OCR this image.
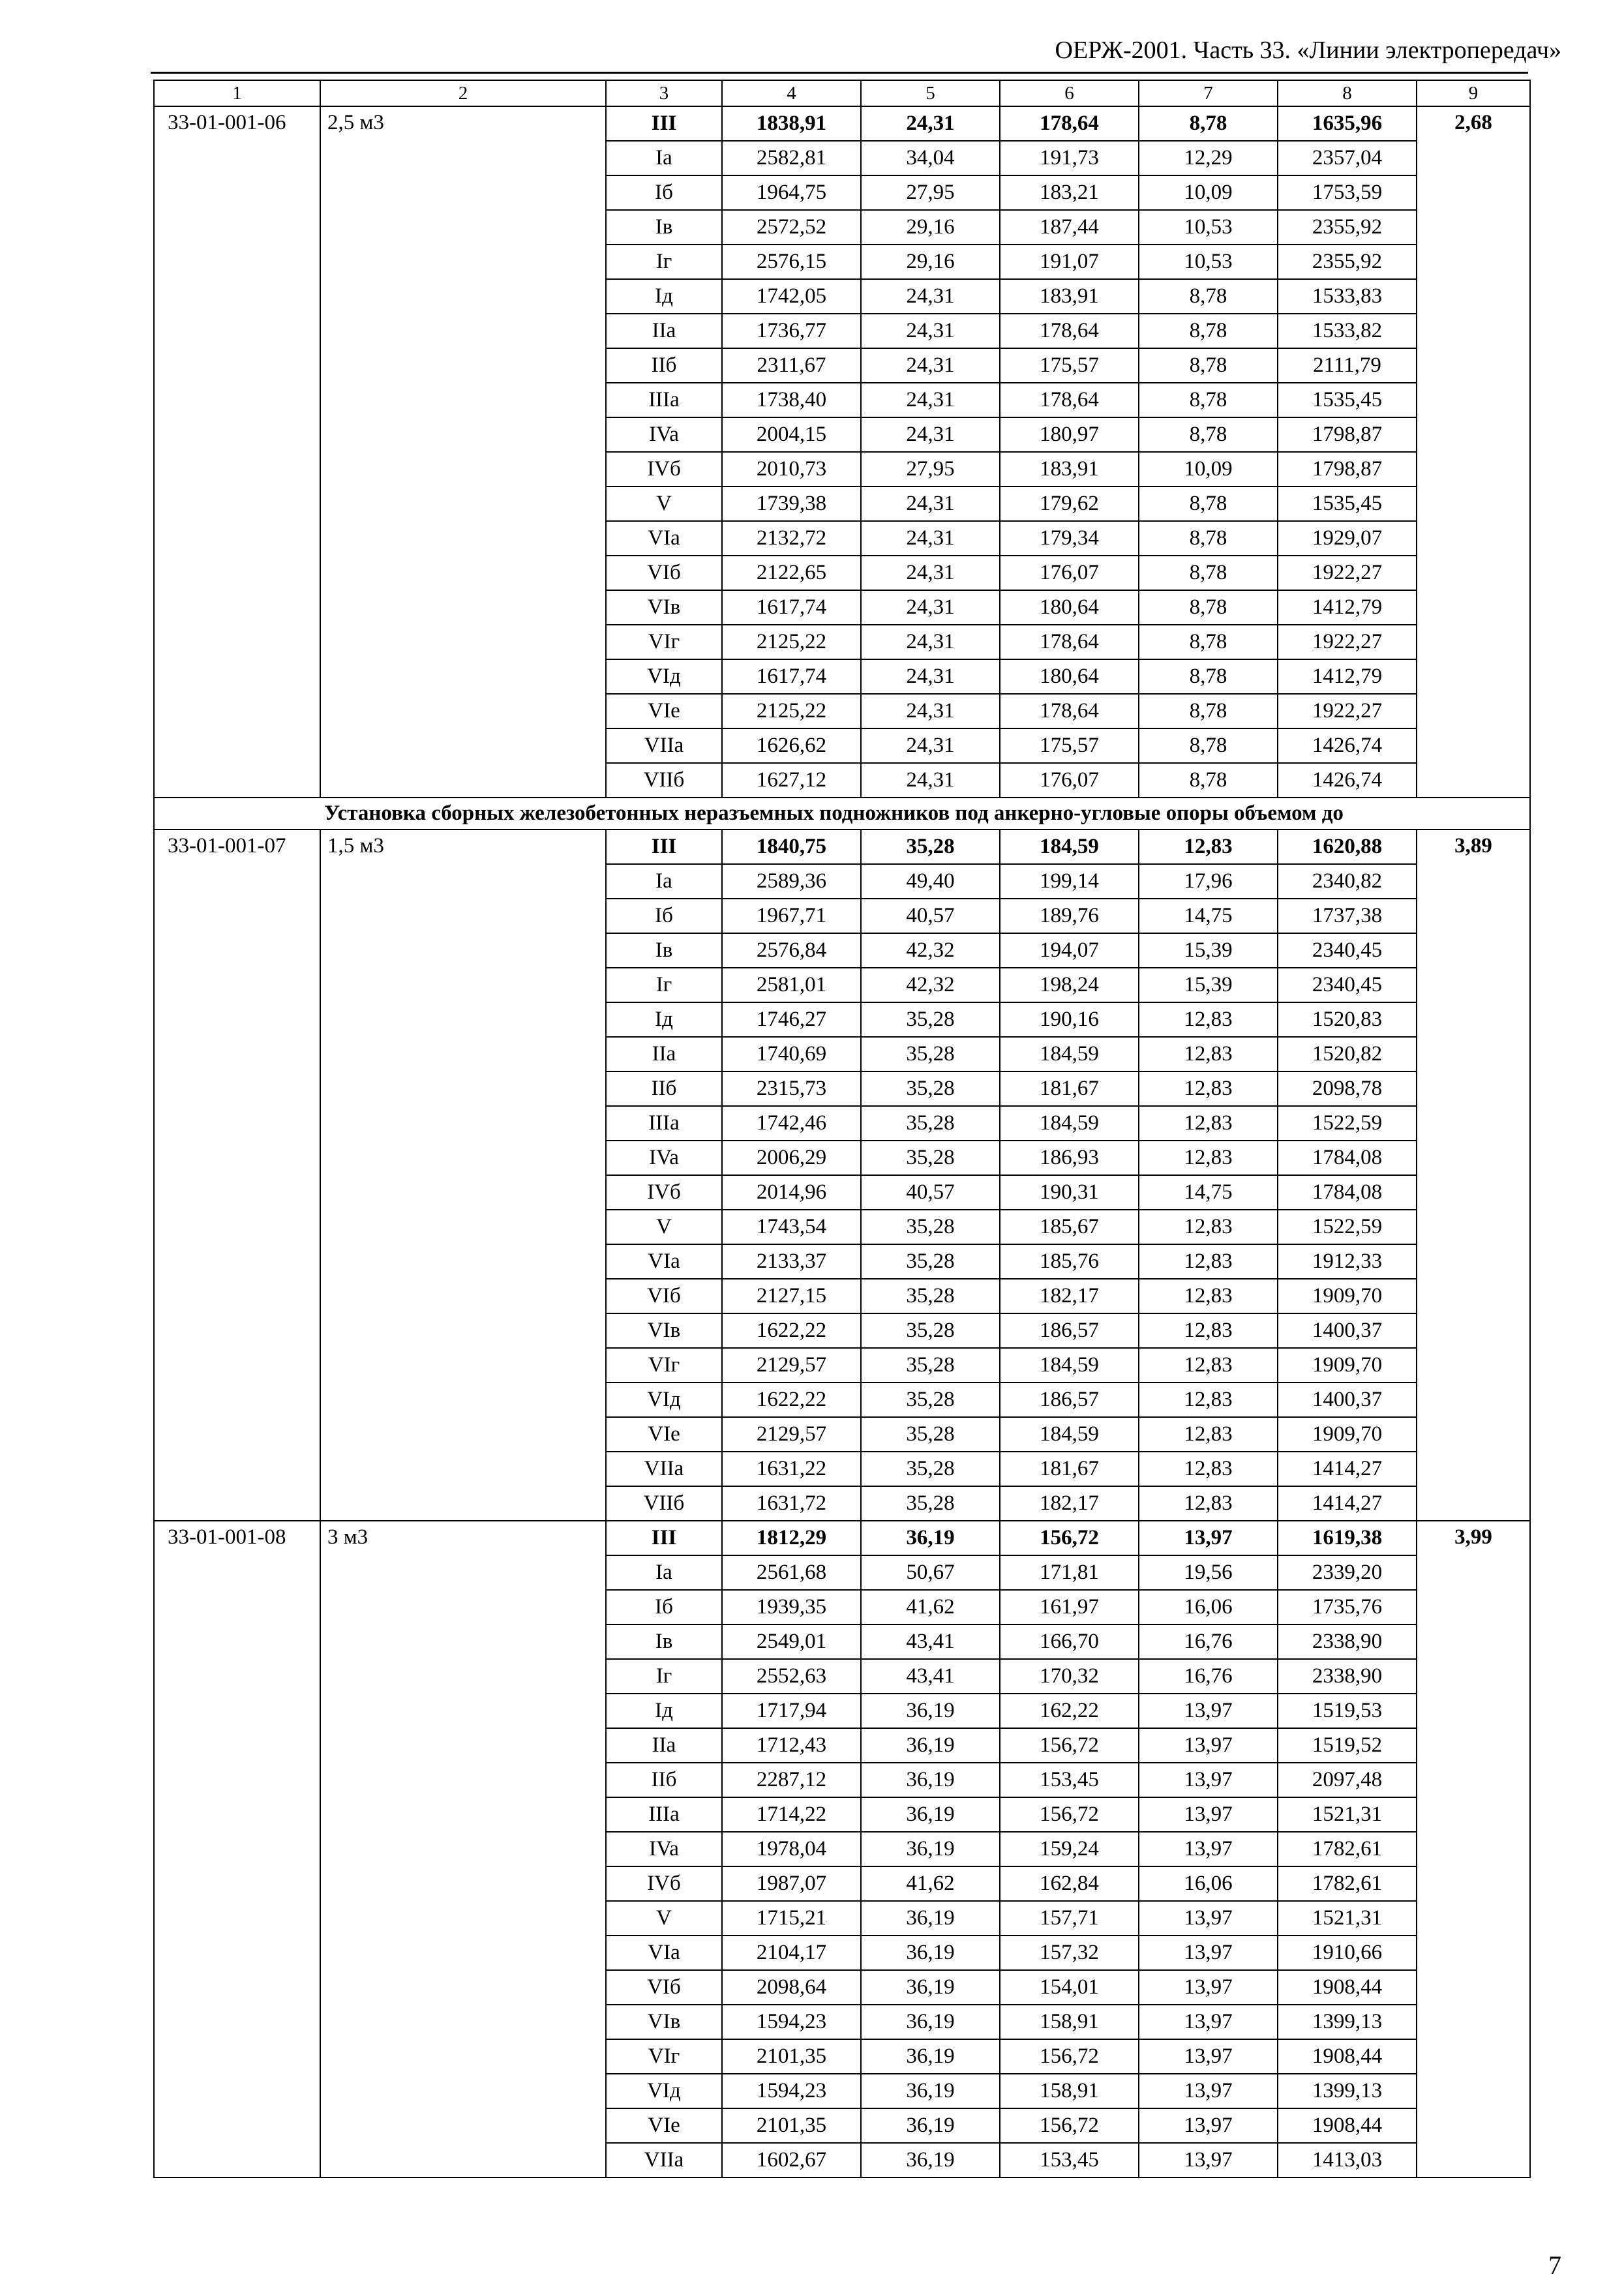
ОЕРЖ-2001. Часть 33. «Линии электропередач»
1	2	3	4	5	6	7	8	9
33-01-001-06	2,5 м3	III	1838,91	24,31	178,64	8,78	1635,96	2,68
		Ia	2582,81	34,04	191,73	12,29	2357,04	
		Iб	1964,75	27,95	183,21	10,09	1753,59	
		Iв	2572,52	29,16	187,44	10,53	2355,92	
		Iг	2576,15	29,16	191,07	10,53	2355,92	
		Iд	1742,05	24,31	183,91	8,78	1533,83	
		IIa	1736,77	24,31	178,64	8,78	1533,82	
		IIб	2311,67	24,31	175,57	8,78	2111,79	
		IIIa	1738,40	24,31	178,64	8,78	1535,45	
		IVa	2004,15	24,31	180,97	8,78	1798,87	
		IVб	2010,73	27,95	183,91	10,09	1798,87	
		V	1739,38	24,31	179,62	8,78	1535,45	
		VIa	2132,72	24,31	179,34	8,78	1929,07	
		VIб	2122,65	24,31	176,07	8,78	1922,27	
		VIв	1617,74	24,31	180,64	8,78	1412,79	
		VIг	2125,22	24,31	178,64	8,78	1922,27	
		VIд	1617,74	24,31	180,64	8,78	1412,79	
		VIe	2125,22	24,31	178,64	8,78	1922,27	
		VIIa	1626,62	24,31	175,57	8,78	1426,74	
		VIIб	1627,12	24,31	176,07	8,78	1426,74	
Установка сборных железобетонных неразъемных подножников под анкерно-угловые опоры объемом до								
33-01-001-07	1,5 м3	III	1840,75	35,28	184,59	12,83	1620,88	3,89
		Ia	2589,36	49,40	199,14	17,96	2340,82	
		Iб	1967,71	40,57	189,76	14,75	1737,38	
		Iв	2576,84	42,32	194,07	15,39	2340,45	
		Iг	2581,01	42,32	198,24	15,39	2340,45	
		Iд	1746,27	35,28	190,16	12,83	1520,83	
		IIa	1740,69	35,28	184,59	12,83	1520,82	
		IIб	2315,73	35,28	181,67	12,83	2098,78	
		IIIa	1742,46	35,28	184,59	12,83	1522,59	
		IVa	2006,29	35,28	186,93	12,83	1784,08	
		IVб	2014,96	40,57	190,31	14,75	1784,08	
		V	1743,54	35,28	185,67	12,83	1522,59	
		VIa	2133,37	35,28	185,76	12,83	1912,33	
		VIб	2127,15	35,28	182,17	12,83	1909,70	
		VIв	1622,22	35,28	186,57	12,83	1400,37	
		VIг	2129,57	35,28	184,59	12,83	1909,70	
		VIд	1622,22	35,28	186,57	12,83	1400,37	
		VIe	2129,57	35,28	184,59	12,83	1909,70	
		VIIa	1631,22	35,28	181,67	12,83	1414,27	
		VIIб	1631,72	35,28	182,17	12,83	1414,27	
33-01-001-08	3 м3	III	1812,29	36,19	156,72	13,97	1619,38	3,99
		Ia	2561,68	50,67	171,81	19,56	2339,20	
		Iб	1939,35	41,62	161,97	16,06	1735,76	
		Iв	2549,01	43,41	166,70	16,76	2338,90	
		Iг	2552,63	43,41	170,32	16,76	2338,90	
		Iд	1717,94	36,19	162,22	13,97	1519,53	
		IIa	1712,43	36,19	156,72	13,97	1519,52	
		IIб	2287,12	36,19	153,45	13,97	2097,48	
		IIIa	1714,22	36,19	156,72	13,97	1521,31	
		IVa	1978,04	36,19	159,24	13,97	1782,61	
		IVб	1987,07	41,62	162,84	16,06	1782,61	
		V	1715,21	36,19	157,71	13,97	1521,31	
		VIa	2104,17	36,19	157,32	13,97	1910,66	
		VIб	2098,64	36,19	154,01	13,97	1908,44	
		VIв	1594,23	36,19	158,91	13,97	1399,13	
		VIг	2101,35	36,19	156,72	13,97	1908,44	
		VIд	1594,23	36,19	158,91	13,97	1399,13	
		VIe	2101,35	36,19	156,72	13,97	1908,44	
		VIIa	1602,67	36,19	153,45	13,97	1413,03	
7
